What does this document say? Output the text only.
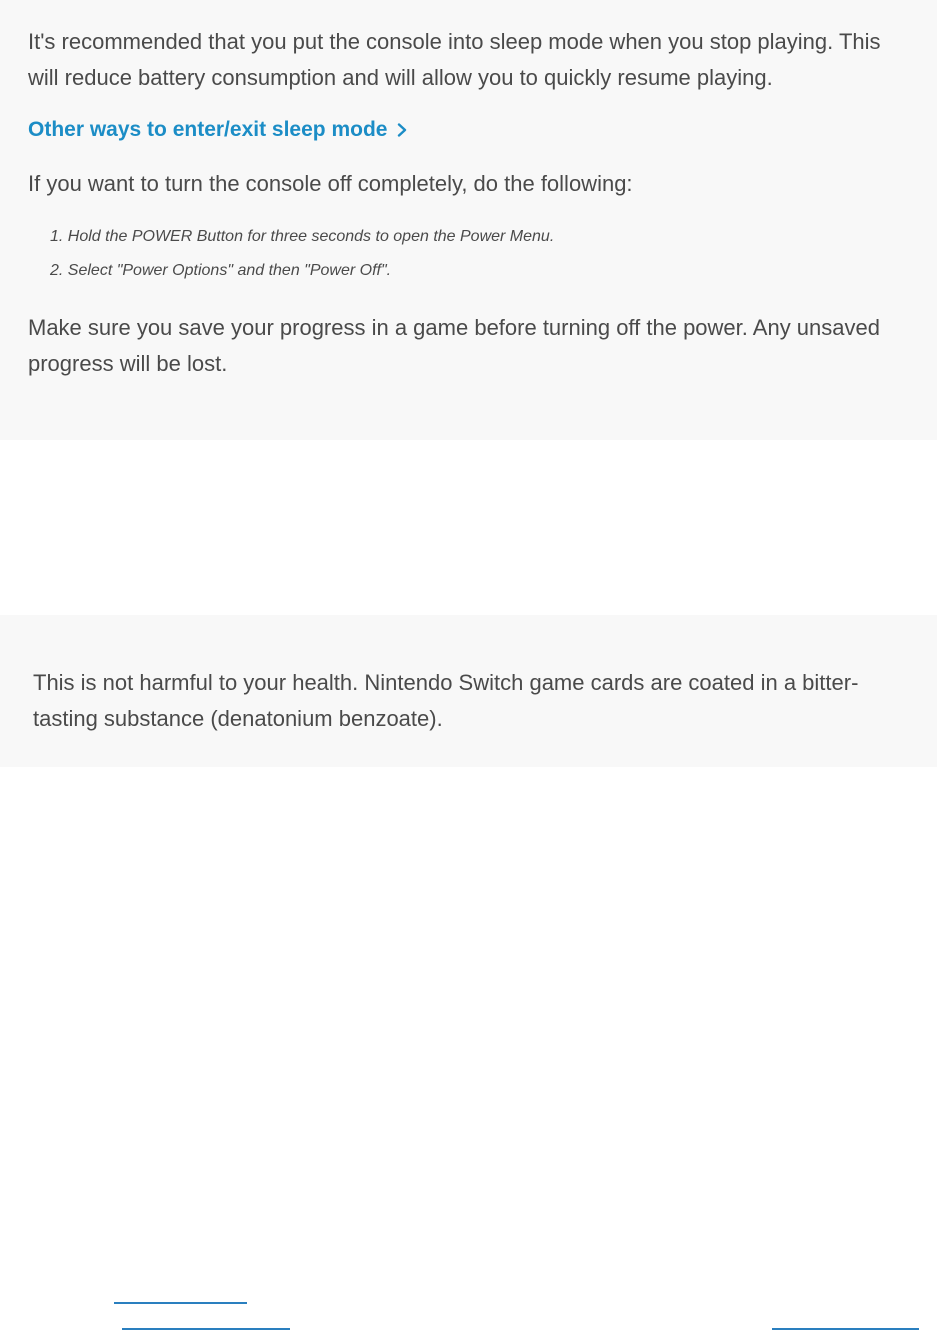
It's recommended that you put the console into sleep mode when you stop playing. This will reduce battery consumption and will allow you to quickly resume playing.

Other ways to enter/exit sleep mode

If you want to turn the console off completely, do the following:

1. Hold the POWER Button for three seconds to open the Power Menu.
2. Select "Power Options" and then "Power Off".

Make sure you save your progress in a game before turning off the power. Any unsaved progress will be lost.

This is not harmful to your health. Nintendo Switch game cards are coated in a bitter-tasting substance (denatonium benzoate).
